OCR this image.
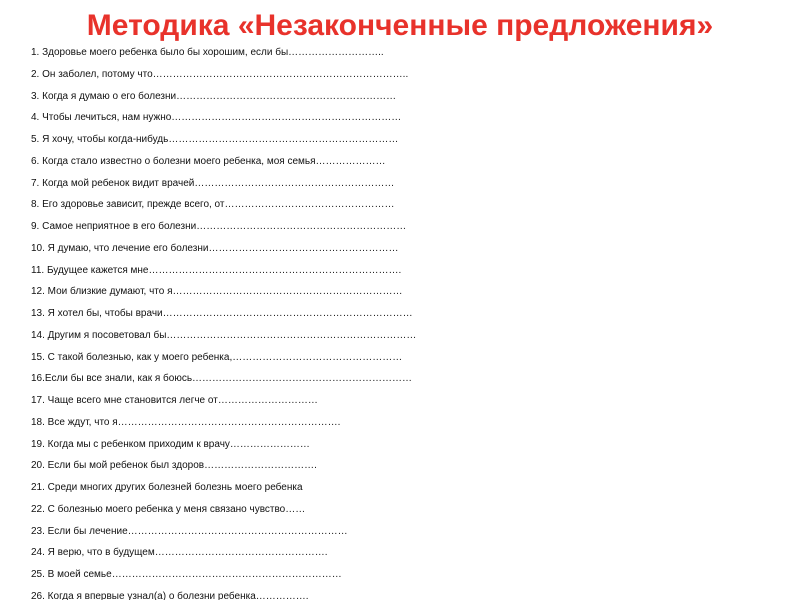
Методика «Незаконченные предложения»
1. Здоровье моего ребенка было бы хорошим, если бы………………………..
2. Он заболел, потому что…………………………………………………………………..
3. Когда я думаю о его болезни…………………………………………………………
4. Чтобы лечиться, нам нужно……………………………………………………………
5. Я хочу, чтобы когда-нибудь……………………………………………………………
6. Когда стало известно о болезни моего ребенка, моя семья…………………
7. Когда мой ребенок видит врачей……………………………………………………
8. Его здоровье зависит, прежде всего, от……………………………………………
9. Самое неприятное в его болезни………………………………………………………
10. Я думаю, что лечение его болезни…………………………………………………
11. Будущее кажется мне………………………………………………………………….
12. Мои близкие думают, что я……………………………………………………………
13. Я хотел бы, чтобы врачи…………………………………………………………………
14. Другим я посоветовал бы…………………………………………………………………
15. С такой болезнью, как у моего ребенка,……………………………………………
16.Если бы все знали, как я боюсь…………………………………………………………
17. Чаще всего мне становится легче от…………………………
18. Все ждут, что я………………………………………………………….
19. Когда мы с ребенком приходим к врачу……………………
20. Если бы мой ребенок был здоров…………………………….
21. Среди многих других болезней болезнь моего ребенка
22. С болезнью моего ребенка у меня связано чувство……
23. Если бы лечение…………………………………………………………
24. Я верю, что в будущем…………………………………………….
25. В моей семье……………………………………………………………
26. Когда я впервые узнал(а) о болезни ребенка…………….
